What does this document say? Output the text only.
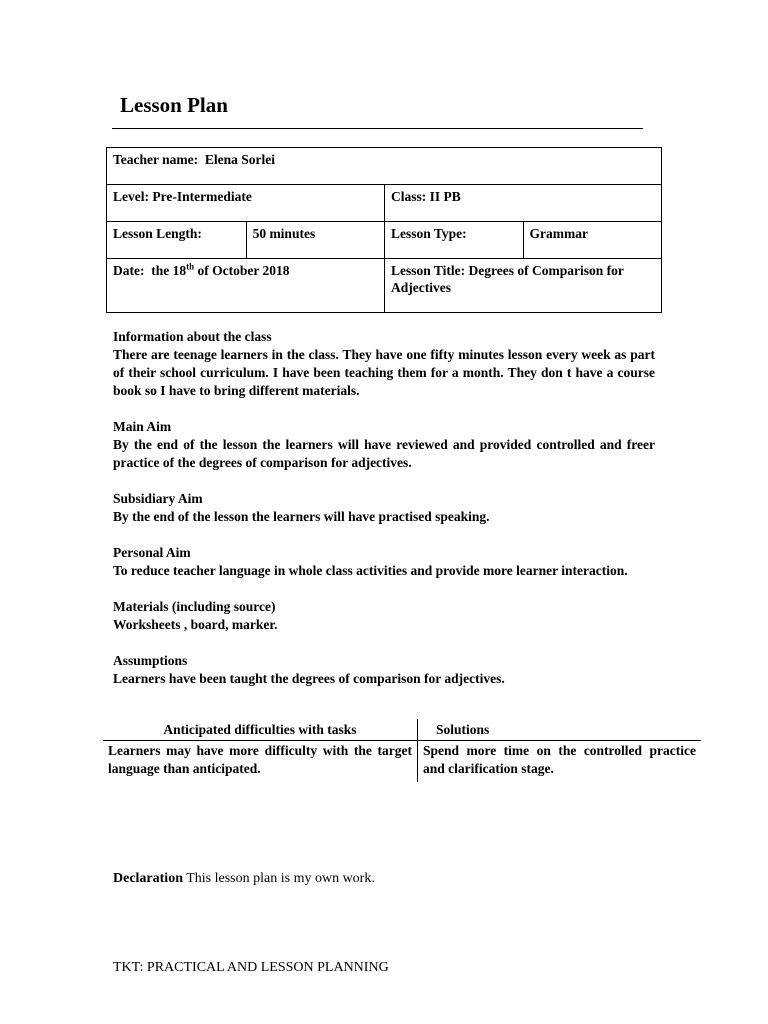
Lesson Plan
Teacher name: Elena Sorlei			
Level: Pre-Intermediate		Class: II PB	
Lesson Length:	50 minutes	Lesson Type:	Grammar
Date: the 18th of October 2018		Lesson Title: Degrees of Comparison for Adjectives	

Information about the class

There are teenage learners in the class. They have one fifty minutes lesson every week as part of their school curriculum. I have been teaching them for a month. They don t have a course book so I have to bring different materials.

Main Aim

By the end of the lesson the learners will have reviewed and provided controlled and freer practice of the degrees of comparison for adjectives.

Subsidiary Aim

By the end of the lesson the learners will have practised speaking.

Personal Aim

To reduce teacher language in whole class activities and provide more learner interaction.

Materials (including source)

Worksheets , board, marker.

Assumptions

Learners have been taught the degrees of comparison for adjectives.

Anticipated difficulties with tasks	Solutions
Learners may have more difficulty with the target language than anticipated.	Spend more time on the controlled practice and clarification stage.

Declaration This lesson plan is my own work.

TKT: PRACTICAL AND LESSON PLANNING
